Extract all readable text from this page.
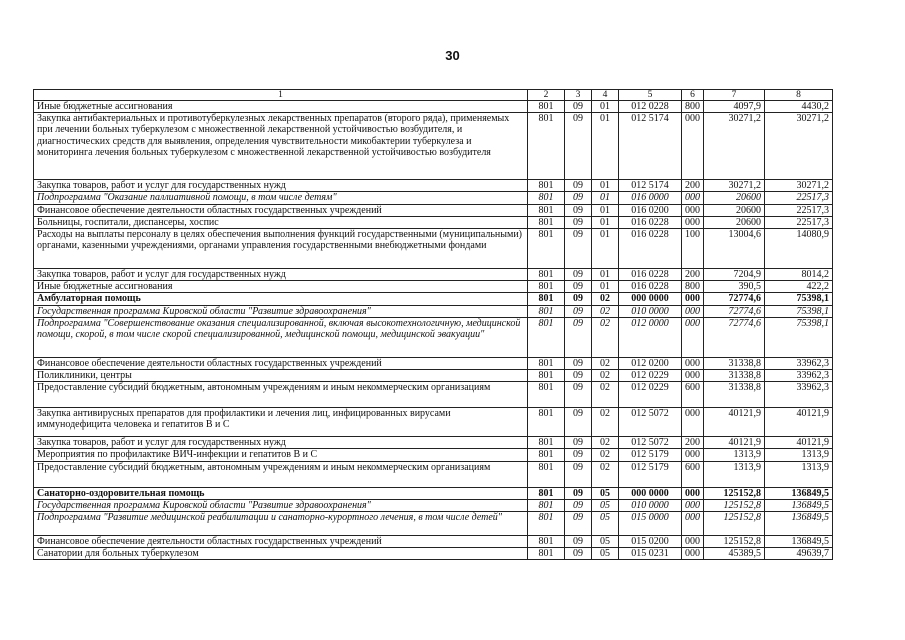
30
1	2	3	4	5	6	7	8
Иные бюджетные ассигнования	801	09	01	012 0228	800	4097,9	4430,2
Закупка антибактериальных и противотуберкулезных лекарственных препаратов (второго ряда), применяемых при лечении больных туберкулезом с множественной лекарственной устойчивостью возбудителя, и диагностических средств для выявления, определения чувствительности микобактерии туберкулеза и мониторинга лечения больных туберкулезом с множественной лекарственной устойчивостью возбудителя	801	09	01	012 5174	000	30271,2	30271,2
Закупка товаров, работ и услуг для государственных нужд	801	09	01	012 5174	200	30271,2	30271,2
Подпрограмма "Оказание паллиативной помощи, в том числе детям"	801	09	01	016 0000	000	20600	22517,3
Финансовое обеспечение деятельности областных государственных учреждений	801	09	01	016 0200	000	20600	22517,3
Больницы, госпитали, диспансеры, хоспис	801	09	01	016 0228	000	20600	22517,3
Расходы на выплаты персоналу в целях обеспечения выполнения функций государственными (муниципальными) органами, казенными учреждениями, органами управления государственными внебюджетными фондами	801	09	01	016 0228	100	13004,6	14080,9
Закупка товаров, работ и услуг для государственных нужд	801	09	01	016 0228	200	7204,9	8014,2
Иные бюджетные ассигнования	801	09	01	016 0228	800	390,5	422,2
Амбулаторная помощь	801	09	02	000 0000	000	72774,6	75398,1
Государственная программа Кировской области "Развитие здравоохранения"	801	09	02	010 0000	000	72774,6	75398,1
Подпрограмма "Совершенствование оказания специализированной, включая высокотехнологичную, медицинской помощи, скорой, в том числе скорой специализированной, медицинской помощи, медицинской эвакуации"	801	09	02	012 0000	000	72774,6	75398,1
Финансовое обеспечение деятельности областных государственных учреждений	801	09	02	012 0200	000	31338,8	33962,3
Поликлиники, центры	801	09	02	012 0229	000	31338,8	33962,3
Предоставление субсидий бюджетным, автономным учреждениям и иным некоммерческим организациям	801	09	02	012 0229	600	31338,8	33962,3
Закупка антивирусных препаратов для профилактики и лечения лиц, инфицированных вирусами иммунодефицита человека и гепатитов В и С	801	09	02	012 5072	000	40121,9	40121,9
Закупка товаров, работ и услуг для государственных нужд	801	09	02	012 5072	200	40121,9	40121,9
Мероприятия по профилактике ВИЧ-инфекции и гепатитов В и С	801	09	02	012 5179	000	1313,9	1313,9
Предоставление субсидий бюджетным, автономным учреждениям и иным некоммерческим организациям	801	09	02	012 5179	600	1313,9	1313,9
Санаторно-оздоровительная помощь	801	09	05	000 0000	000	125152,8	136849,5
Государственная программа Кировской области "Развитие здравоохранения"	801	09	05	010 0000	000	125152,8	136849,5
Подпрограмма "Развитие медицинской реабилитации и санаторно-курортного лечения, в том числе детей"	801	09	05	015 0000	000	125152,8	136849,5
Финансовое обеспечение деятельности областных государственных учреждений	801	09	05	015 0200	000	125152,8	136849,5
Санатории для больных туберкулезом	801	09	05	015 0231	000	45389,5	49639,7
